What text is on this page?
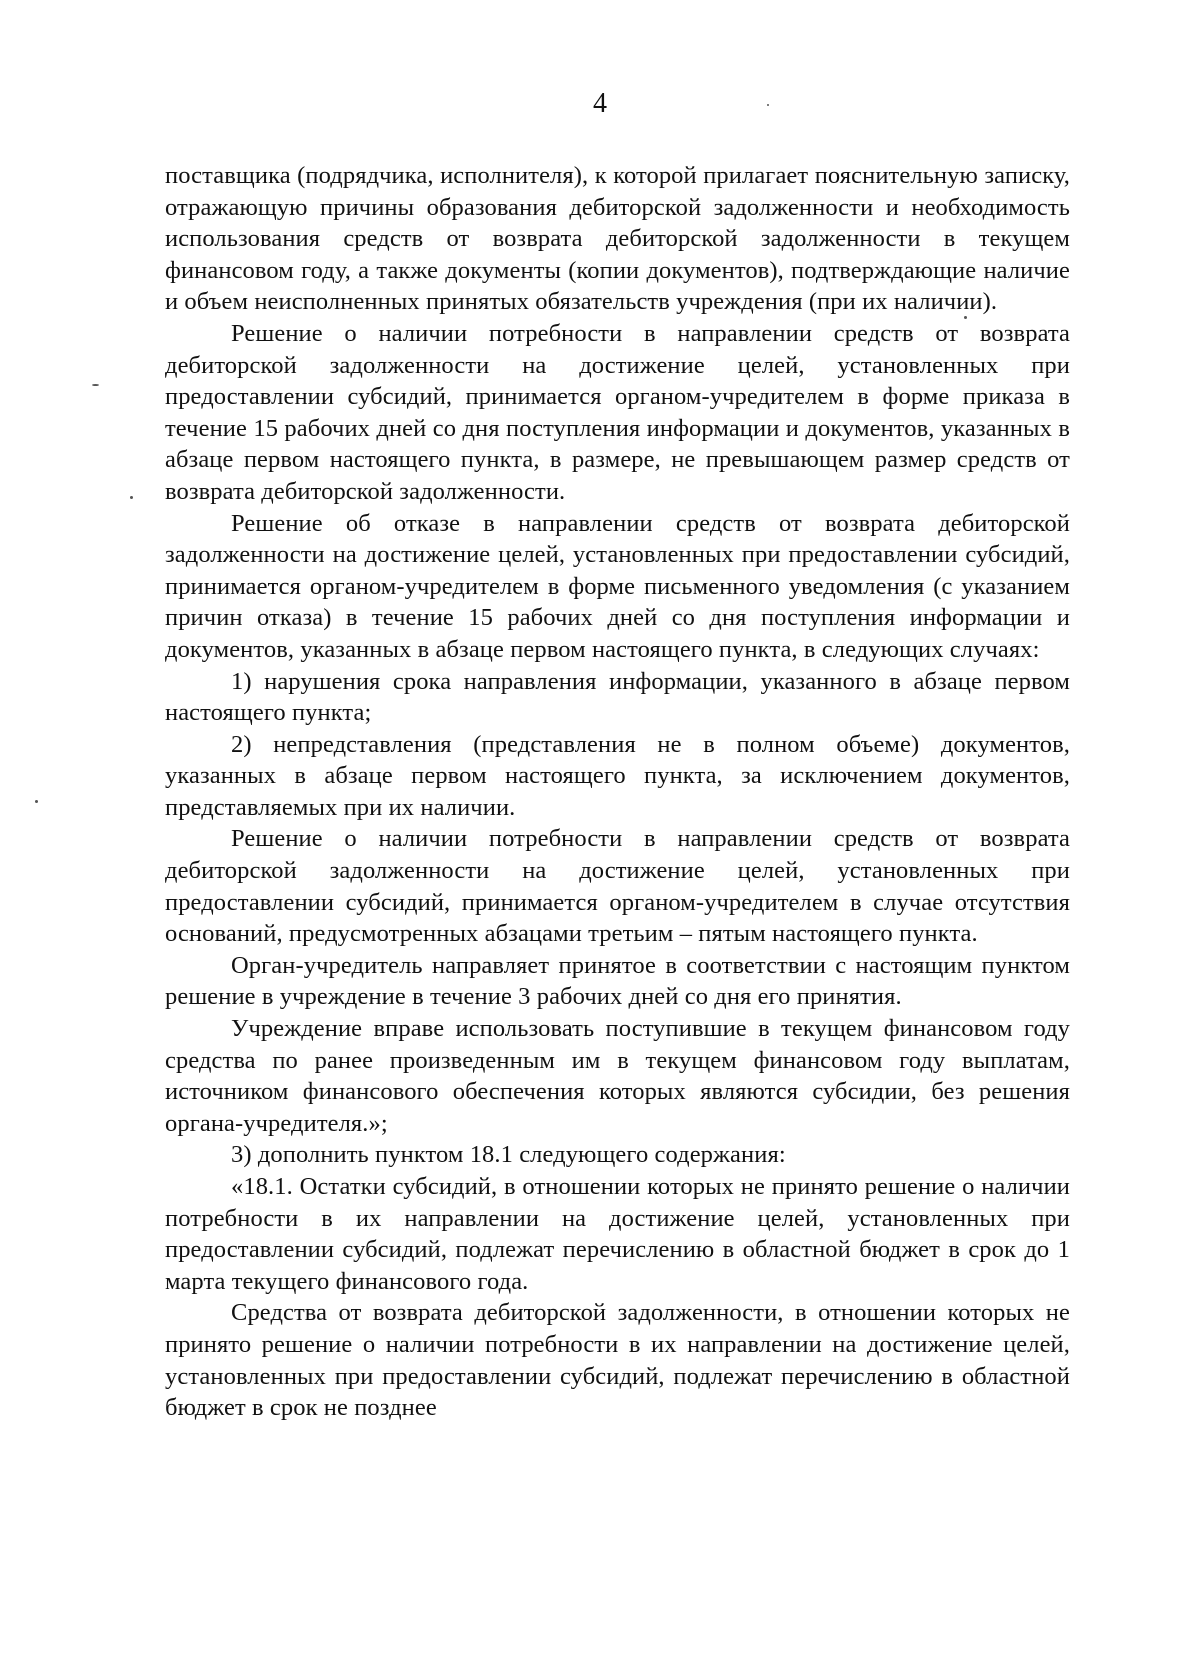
4

поставщика (подрядчика, исполнителя), к которой прилагает пояснительную записку, отражающую причины образования дебиторской задолженности и необходимость использования средств от возврата дебиторской задолженности в текущем финансовом году, а также документы (копии документов), подтверждающие наличие и объем неисполненных принятых обязательств учреждения (при их наличии).

Решение о наличии потребности в направлении средств от возврата дебиторской задолженности на достижение целей, установленных при предоставлении субсидий, принимается органом-учредителем в форме приказа в течение 15 рабочих дней со дня поступления информации и документов, указанных в абзаце первом настоящего пункта, в размере, не превышающем размер средств от возврата дебиторской задолженности.

Решение об отказе в направлении средств от возврата дебиторской задолженности на достижение целей, установленных при предоставлении субсидий, принимается органом-учредителем в форме письменного уведомления (с указанием причин отказа) в течение 15 рабочих дней со дня поступления информации и документов, указанных в абзаце первом настоящего пункта, в следующих случаях:

1) нарушения срока направления информации, указанного в абзаце первом настоящего пункта;

2) непредставления (представления не в полном объеме) документов, указанных в абзаце первом настоящего пункта, за исключением документов, представляемых при их наличии.

Решение о наличии потребности в направлении средств от возврата дебиторской задолженности на достижение целей, установленных при предоставлении субсидий, принимается органом-учредителем в случае отсутствия оснований, предусмотренных абзацами третьим – пятым настоящего пункта.

Орган-учредитель направляет принятое в соответствии с настоящим пунктом решение в учреждение в течение 3 рабочих дней со дня его принятия.

Учреждение вправе использовать поступившие в текущем финансовом году средства по ранее произведенным им в текущем финансовом году выплатам, источником финансового обеспечения которых являются субсидии, без решения органа-учредителя.»;

3) дополнить пунктом 18.1 следующего содержания:

«18.1. Остатки субсидий, в отношении которых не принято решение о наличии потребности в их направлении на достижение целей, установленных при предоставлении субсидий, подлежат перечислению в областной бюджет в срок до 1 марта текущего финансового года.

Средства от возврата дебиторской задолженности, в отношении которых не принято решение о наличии потребности в их направлении на достижение целей, установленных при предоставлении субсидий, подлежат перечислению в областной бюджет в срок не позднее
